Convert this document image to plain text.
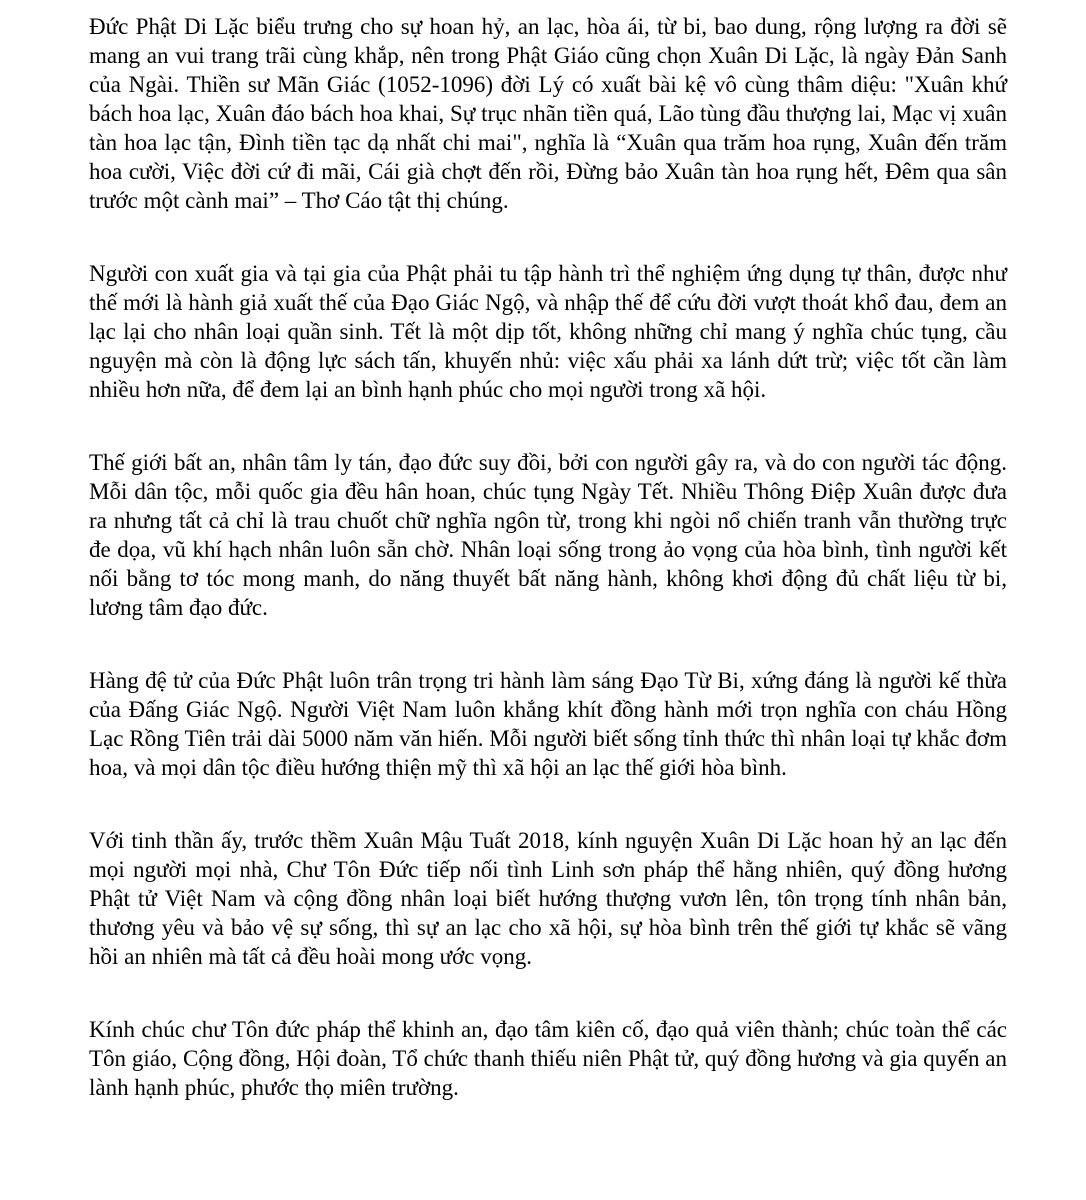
Đức Phật Di Lặc biểu trưng cho sự hoan hỷ, an lạc, hòa ái, từ bi, bao dung, rộng lượng ra đời sẽ mang an vui trang trãi cùng khắp, nên trong Phật Giáo cũng chọn Xuân Di Lặc, là ngày Đản Sanh của Ngài. Thiền sư Mãn Giác (1052-1096) đời Lý có xuất bài kệ vô cùng thâm diệu: "Xuân khứ bách hoa lạc, Xuân đáo bách hoa khai, Sự trục nhãn tiền quá, Lão tùng đầu thượng lai, Mạc vị xuân tàn hoa lạc tận, Đình tiền tạc dạ nhất chi mai", nghĩa là “Xuân qua trăm hoa rụng, Xuân đến trăm hoa cười, Việc đời cứ đi mãi, Cái già chợt đến rồi, Đừng bảo Xuân tàn hoa rụng hết, Đêm qua sân trước một cành mai” – Thơ Cáo tật thị chúng.

Người con xuất gia và tại gia của Phật phải tu tập hành trì thể nghiệm ứng dụng tự thân, được như thế mới là hành giả xuất thế của Đạo Giác Ngộ, và nhập thế để cứu đời vượt thoát khổ đau, đem an lạc lại cho nhân loại quần sinh. Tết là một dịp tốt, không những chỉ mang ý nghĩa chúc tụng, cầu nguyện mà còn là động lực sách tấn, khuyến nhủ: việc xấu phải xa lánh dứt trừ; việc tốt cần làm nhiều hơn nữa, để đem lại an bình hạnh phúc cho mọi người trong xã hội.

Thế giới bất an, nhân tâm ly tán, đạo đức suy đồi, bởi con người gây ra, và do con người tác động. Mỗi dân tộc, mỗi quốc gia đều hân hoan, chúc tụng Ngày Tết. Nhiều Thông Điệp Xuân được đưa ra nhưng tất cả chỉ là trau chuốt chữ nghĩa ngôn từ, trong khi ngòi nổ chiến tranh vẫn thường trực đe dọa, vũ khí hạch nhân luôn sẵn chờ. Nhân loại sống trong ảo vọng của hòa bình, tình người kết nối bằng tơ tóc mong manh, do năng thuyết bất năng hành, không khơi động đủ chất liệu từ bi, lương tâm đạo đức.

Hàng đệ tử của Đức Phật luôn trân trọng tri hành làm sáng Đạo Từ Bi, xứng đáng là người kế thừa của Đấng Giác Ngộ. Người Việt Nam luôn khắng khít đồng hành mới trọn nghĩa con cháu Hồng Lạc Rồng Tiên trải dài 5000 năm văn hiến. Mỗi người biết sống tỉnh thức thì nhân loại tự khắc đơm hoa, và mọi dân tộc điều hướng thiện mỹ thì xã hội an lạc thế giới hòa bình.

Với tinh thần ấy, trước thềm Xuân Mậu Tuất 2018, kính nguyện Xuân Di Lặc hoan hỷ an lạc đến mọi người mọi nhà, Chư Tôn Đức tiếp nối tình Linh sơn pháp thể hằng nhiên, quý đồng hương Phật tử Việt Nam và cộng đồng nhân loại biết hướng thượng vươn lên, tôn trọng tính nhân bản, thương yêu và bảo vệ sự sống, thì sự an lạc cho xã hội, sự hòa bình trên thế giới tự khắc sẽ vãng hồi an nhiên mà tất cả đều hoài mong ước vọng.

Kính chúc chư Tôn đức pháp thể khinh an, đạo tâm kiên cố, đạo quả viên thành; chúc toàn thể các Tôn giáo, Cộng đồng, Hội đoàn, Tổ chức thanh thiếu niên Phật tử, quý đồng hương và gia quyến an lành hạnh phúc, phước thọ miên trường.
